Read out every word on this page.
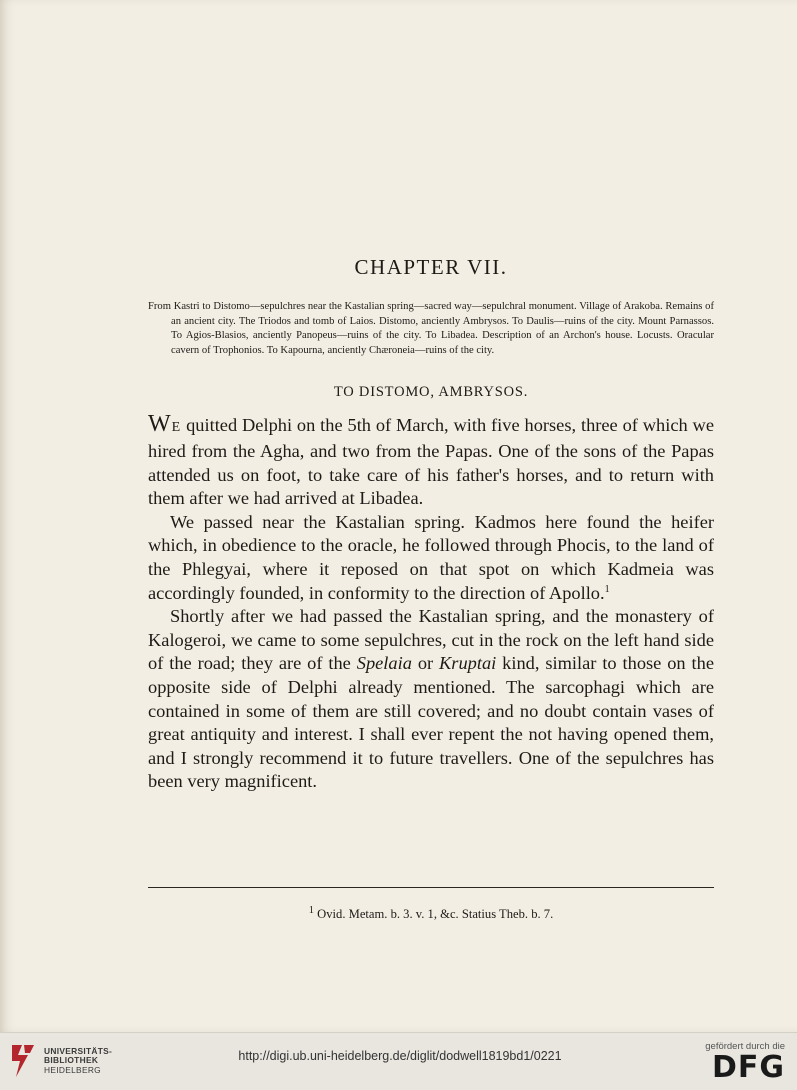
CHAPTER VII.

From Kastri to Distomo—sepulchres near the Kastalian spring—sacred way—sepulchral monument. Village of Arakoba. Remains of an ancient city. The Triodos and tomb of Laios. Distomo, anciently Ambrysos. To Daulis—ruins of the city. Mount Parnassos. To Agios-Blasios, anciently Panopeus—ruins of the city. To Libadea. Description of an Archon's house. Locusts. Oracular cavern of Trophonios. To Kapourna, anciently Chæroneia—ruins of the city.

TO DISTOMO, AMBRYSOS.

WE quitted Delphi on the 5th of March, with five horses, three of which we hired from the Agha, and two from the Papas. One of the sons of the Papas attended us on foot, to take care of his father's horses, and to return with them after we had arrived at Libadea.

We passed near the Kastalian spring. Kadmos here found the heifer which, in obedience to the oracle, he followed through Phocis, to the land of the Phlegyai, where it reposed on that spot on which Kadmeia was accordingly founded, in conformity to the direction of Apollo.$^1$

Shortly after we had passed the Kastalian spring, and the monastery of Kalogeroi, we came to some sepulchres, cut in the rock on the left hand side of the road; they are of the Spelaia or Kruptai kind, similar to those on the opposite side of Delphi already mentioned. The sarcophagi which are contained in some of them are still covered; and no doubt contain vases of great antiquity and interest. I shall ever repent the not having opened them, and I strongly recommend it to future travellers. One of the sepulchres has been very magnificent.

$^1$ Ovid. Metam. b. 3. v. 1, &c. Statius Theb. b. 7.
UNIVERSITÄTS-
BIBLIOTHEK
HEIDELBERG
http://digi.ub.uni-heidelberg.de/diglit/dodwell1819bd1/0221
gefördert durch die
DFG
